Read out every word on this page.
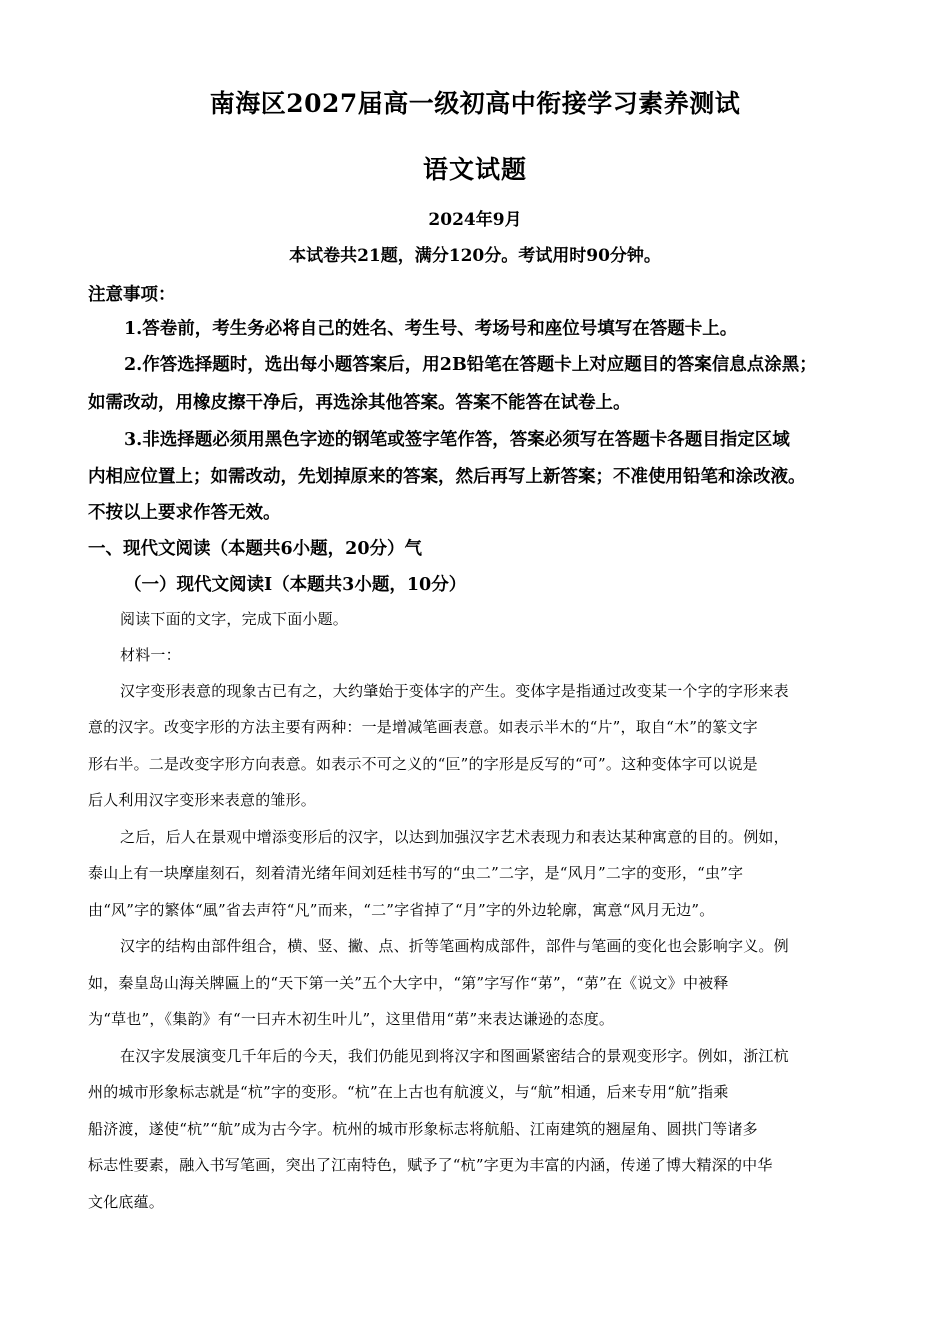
南海区2027届高一级初高中衔接学习素养测试
语文试题
2024年9月
本试卷共21题，满分120分。考试用时90分钟。
注意事项：
1.答卷前，考生务必将自己的姓名、考生号、考场号和座位号填写在答题卡上。
2.作答选择题时，选出每小题答案后，用2B铅笔在答题卡上对应题目的答案信息点涂黑；
如需改动，用橡皮擦干净后，再选涂其他答案。答案不能答在试卷上。
3.非选择题必须用黑色字迹的钢笔或签字笔作答，答案必须写在答题卡各题目指定区域
内相应位置上；如需改动，先划掉原来的答案，然后再写上新答案；不准使用铅笔和涂改液。
不按以上要求作答无效。
一、现代文阅读（本题共6小题，20分）气
（一）现代文阅读Ⅰ（本题共3小题，10分）
阅读下面的文字，完成下面小题。
材料一：
汉字变形表意的现象古已有之，大约肇始于变体字的产生。变体字是指通过改变某一个字的字形来表
意的汉字。改变字形的方法主要有两种：一是增减笔画表意。如表示半木的“片”，取自“木”的篆文字
形右半。二是改变字形方向表意。如表示不可之义的“叵”的字形是反写的“可”。这种变体字可以说是
后人利用汉字变形来表意的雏形。
之后，后人在景观中增添变形后的汉字，以达到加强汉字艺术表现力和表达某种寓意的目的。例如，
泰山上有一块摩崖刻石，刻着清光绪年间刘廷桂书写的“虫二”二字，是“风月”二字的变形，“虫”字
由“风”字的繁体“風”省去声符“凡”而来，“二”字省掉了“月”字的外边轮廓，寓意“风月无边”。
汉字的结构由部件组合，横、竖、撇、点、折等笔画构成部件，部件与笔画的变化也会影响字义。例
如，秦皇岛山海关牌匾上的“天下第一关”五个大字中，“第”字写作“苐”，“苐”在《说文》中被释
为“草也”，《集韵》有“一曰卉木初生叶儿”，这里借用“苐”来表达谦逊的态度。
在汉字发展演变几千年后的今天，我们仍能见到将汉字和图画紧密结合的景观变形字。例如，浙江杭
州的城市形象标志就是“杭”字的变形。“杭”在上古也有航渡义，与“航”相通，后来专用“航”指乘
船济渡，遂使“杭”“航”成为古今字。杭州的城市形象标志将航船、江南建筑的翘屋角、圆拱门等诸多
标志性要素，融入书写笔画，突出了江南特色，赋予了“杭”字更为丰富的内涵，传递了博大精深的中华
文化底蕴。
